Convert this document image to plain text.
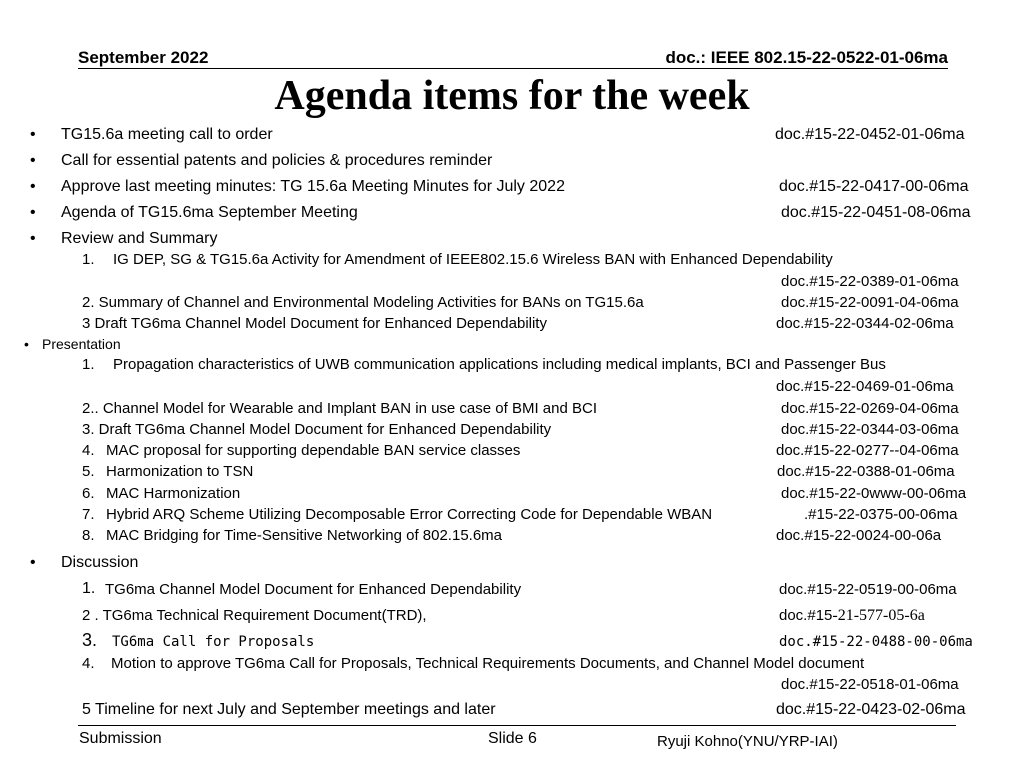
September 2022	doc.: IEEE 802.15-22-0522-01-06ma
Agenda items for the week
• TG15.6a meeting call to order	doc.#15-22-0452-01-06ma
• Call for essential patents and policies & procedures reminder
• Approve last meeting minutes: TG 15.6a Meeting Minutes for July 2022	doc.#15-22-0417-00-06ma
• Agenda of TG15.6ma September Meeting	doc.#15-22-0451-08-06ma
• Review and Summary
1. IG DEP, SG & TG15.6a Activity for Amendment of IEEE802.15.6 Wireless BAN with Enhanced Dependability
doc.#15-22-0389-01-06ma
2. Summary of Channel and Environmental Modeling Activities for BANs on TG15.6a	doc.#15-22-0091-04-06ma
3 Draft TG6ma Channel Model Document for Enhanced Dependability	doc.#15-22-0344-02-06ma
• Presentation
1. Propagation characteristics of UWB communication applications including medical implants, BCI and Passenger Bus
doc.#15-22-0469-01-06ma
2.. Channel Model for Wearable and Implant BAN in use case of BMI and BCI	doc.#15-22-0269-04-06ma
3. Draft TG6ma Channel Model Document for Enhanced Dependability	doc.#15-22-0344-03-06ma
4. MAC proposal for supporting dependable BAN service classes	doc.#15-22-0277--04-06ma
5. Harmonization to TSN	doc.#15-22-0388-01-06ma
6. MAC Harmonization	doc.#15-22-0www-00-06ma
7. Hybrid ARQ Scheme Utilizing Decomposable Error Correcting Code for Dependable WBAN	.#15-22-0375-00-06ma
8. MAC Bridging for Time-Sensitive Networking of 802.15.6ma	doc.#15-22-0024-00-06a
• Discussion
1. TG6ma Channel Model Document for Enhanced Dependability	doc.#15-22-0519-00-06ma
2 . TG6ma Technical Requirement Document(TRD),	doc.#15-21-577-05-6a
3. TG6ma Call for Proposals	doc.#15-22-0488-00-06ma
4. Motion to approve TG6ma Call for Proposals, Technical Requirements Documents, and Channel Model document
doc.#15-22-0518-01-06ma
5 Timeline for next July and September meetings and later	doc.#15-22-0423-02-06ma
Submission	Slide 6	Ryuji Kohno(YNU/YRP-IAI)
